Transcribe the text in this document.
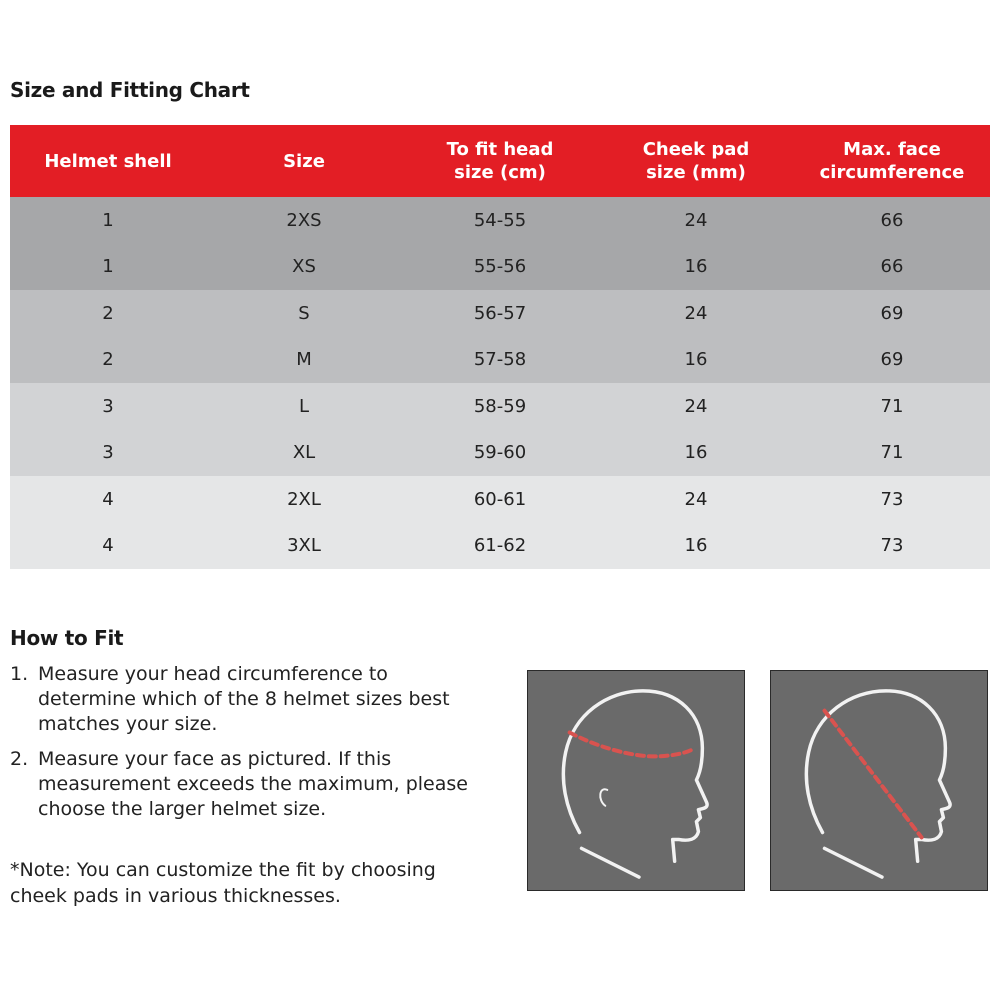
Size and Fitting Chart
Helmet shell	Size	To fit head size (cm)	Cheek pad size (mm)	Max. face circumference
1	2XS	54-55	24	66
1	XS	55-56	16	66
2	S	56-57	24	69
2	M	57-58	16	69
3	L	58-59	24	71
3	XL	59-60	16	71
4	2XL	60-61	24	73
4	3XL	61-62	16	73
How to Fit
1. Measure your head circumference to determine which of the 8 helmet sizes best matches your size.
2. Measure your face as pictured. If this measurement exceeds the maximum, please choose the larger helmet size.
*Note: You can customize the fit by choosing cheek pads in various thicknesses.
